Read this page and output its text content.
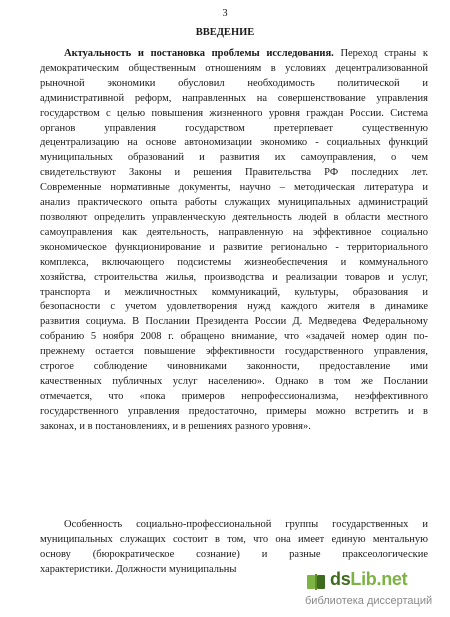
3
ВВЕДЕНИЕ
Актуальность и постановка проблемы исследования. Переход страны к
демократическим общественным отношениям в условиях децентрализованной
рыночной экономики обусловил необходимость политической и
административной реформ, направленных на совершенствование управления
государством с целью повышения жизненного уровня граждан России. Система
органов управления государством претерпевает существенную
децентрализацию на основе автономизации экономико - социальных функций
муниципальных образований и развития их самоуправления, о чем
свидетельствуют Законы и решения Правительства РФ последних лет.
Современные нормативные документы, научно – методическая литература и
анализ практического опыта работы служащих муниципальных администраций
позволяют определить управленческую деятельность людей в области местного
самоуправления как деятельность, направленную на эффективное социально
экономическое функционирование и развитие регионально - территориального
комплекса, включающего подсистемы жизнеобеспечения и коммунального
хозяйства, строительства жилья, производства и реализации товаров и услуг,
транспорта и межличностных коммуникаций, культуры, образования и
безопасности с учетом удовлетворения нужд каждого жителя в динамике
развития социума. В Послании Президента России Д. Медведева Федеральному
собранию 5 ноября 2008 г. обращено внимание, что «задачей номер один по-
прежнему остается повышение эффективности государственного управления,
строгое соблюдение чиновниками законности, предоставление ими
качественных публичных услуг населению». Однако в том же Послании
отмечается, что «пока примеров непрофессионализма, неэффективного
государственного управления предостаточно, примеры можно встретить и в
законах, и в постановлениях, и в решениях разного уровня».
Особенность социально-профессиональной группы государственных и
муниципальных служащих состоит в том, что она имеет единую ментальную
основу (бюрократическое сознание) и разные праксеологические
характеристики. Должности муниципальны	dsLib.net
библиотека диссертаций
